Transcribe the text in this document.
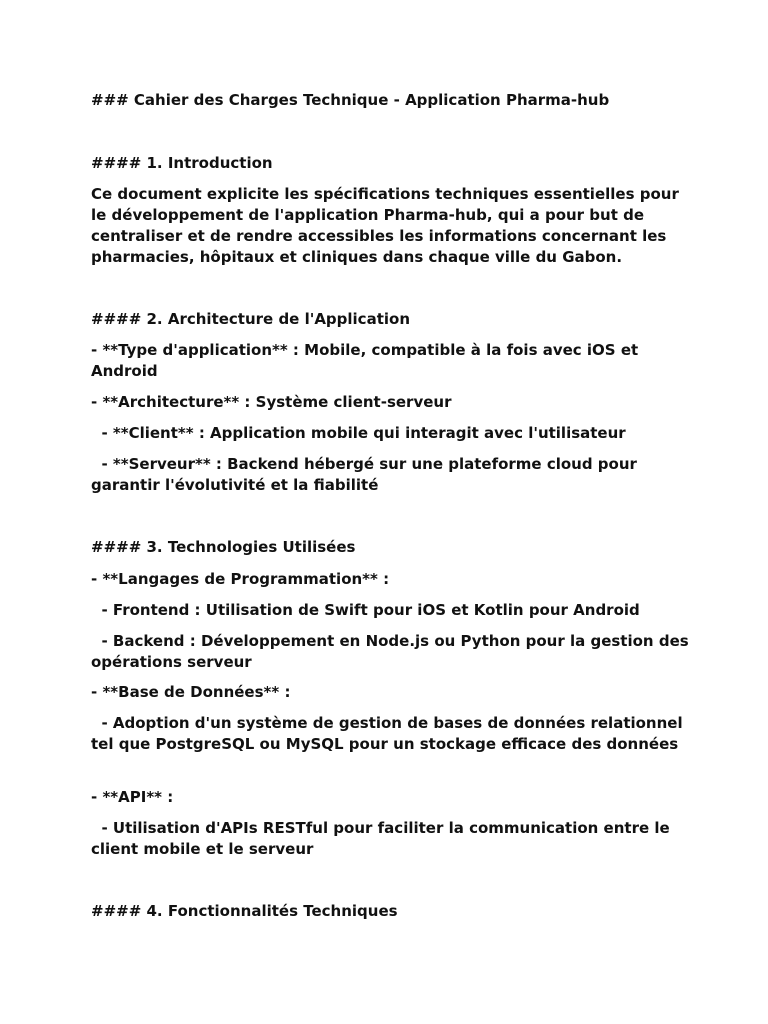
### Cahier des Charges Technique - Application Pharma-hub

#### 1. Introduction

Ce document explicite les spécifications techniques essentielles pour le développement de l'application Pharma-hub, qui a pour but de centraliser et de rendre accessibles les informations concernant les pharmacies, hôpitaux et cliniques dans chaque ville du Gabon.

#### 2. Architecture de l'Application

- **Type d'application** : Mobile, compatible à la fois avec iOS et Android

- **Architecture** : Système client-serveur

- **Client** : Application mobile qui interagit avec l'utilisateur

- **Serveur** : Backend hébergé sur une plateforme cloud pour garantir l'évolutivité et la fiabilité

#### 3. Technologies Utilisées

- **Langages de Programmation** :

- Frontend : Utilisation de Swift pour iOS et Kotlin pour Android

- Backend : Développement en Node.js ou Python pour la gestion des opérations serveur

- **Base de Données** :

- Adoption d'un système de gestion de bases de données relationnel tel que PostgreSQL ou MySQL pour un stockage efficace des données

- **API** :

- Utilisation d'APIs RESTful pour faciliter la communication entre le client mobile et le serveur

#### 4. Fonctionnalités Techniques
